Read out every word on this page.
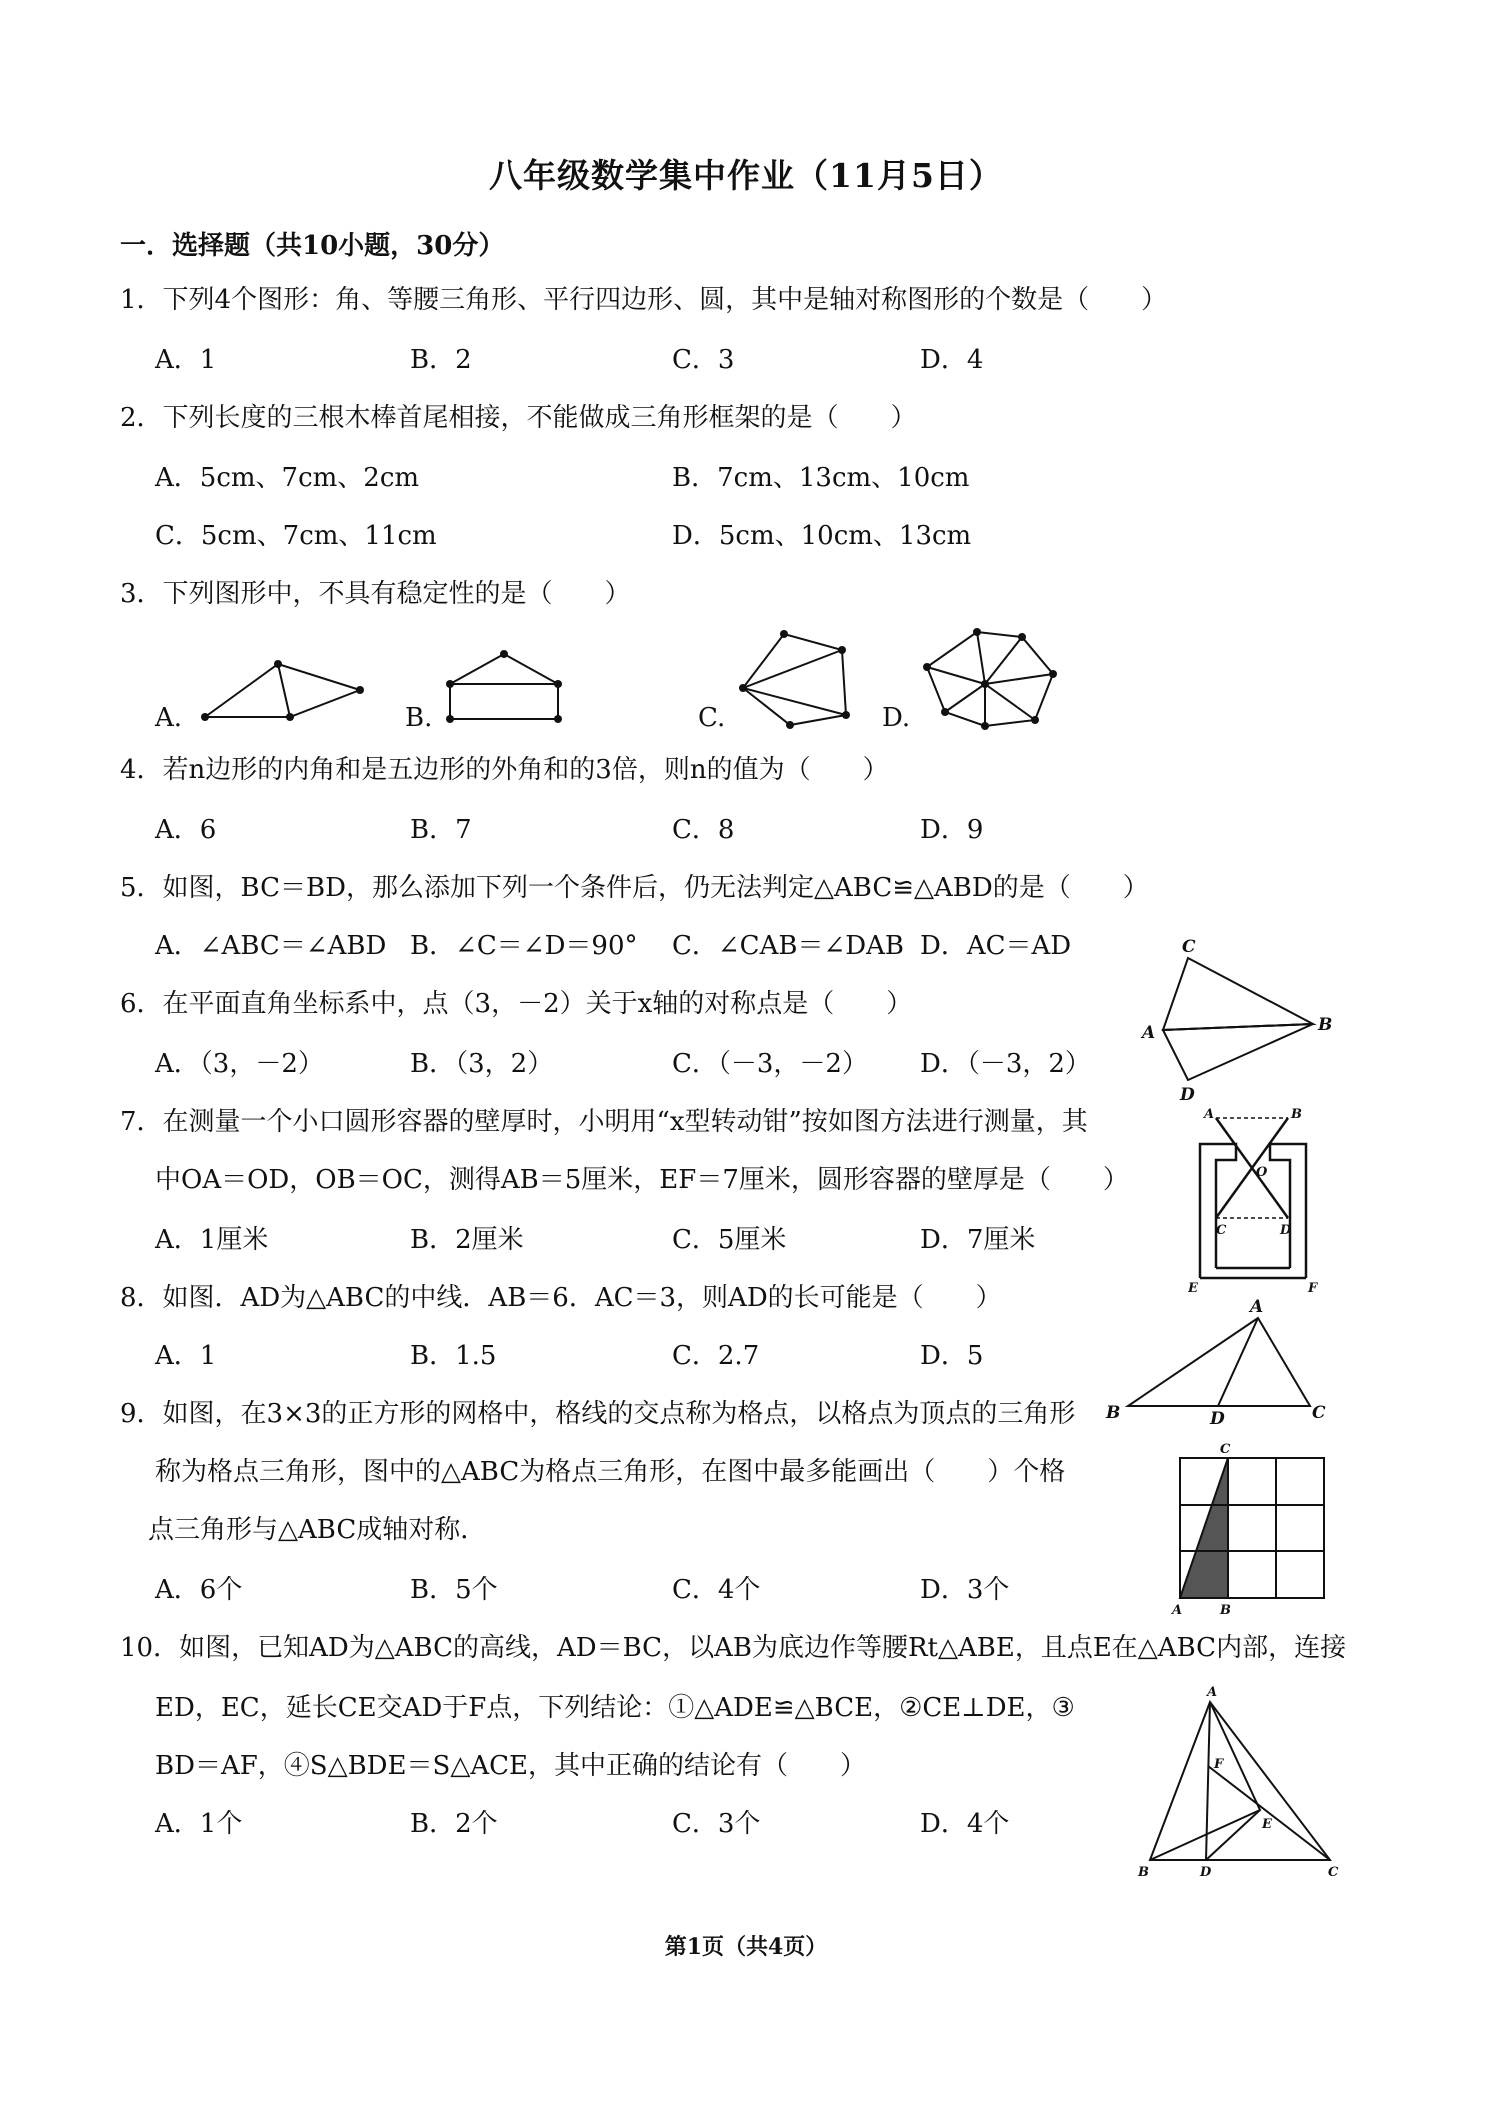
八年级数学集中作业（11月5日）
一．选择题（共10小题，30分）
1．下列4个图形：角、等腰三角形、平行四边形、圆，其中是轴对称图形的个数是（　　）
A．1	B．2	C．3	D．4
2．下列长度的三根木棒首尾相接，不能做成三角形框架的是（　　）
A．5cm、7cm、2cm	B．7cm、13cm、10cm
C．5cm、7cm、11cm	D．5cm、10cm、13cm
3．下列图形中，不具有稳定性的是（　　）
A.	B.	C.	D.
4．若n边形的内角和是五边形的外角和的3倍，则n的值为（　　）
A．6	B．7	C．8	D．9
5．如图，BC＝BD，那么添加下列一个条件后，仍无法判定△ABC≌△ABD的是（　　）
A．∠ABC＝∠ABD B．∠C＝∠D＝90° C．∠CAB＝∠DAB D．AC＝AD	C
A	B
D
6．在平面直角坐标系中，点（3，－2）关于x轴的对称点是（　　）
A．（3，－2）	B．（3，2）	C．（－3，－2） D．（－3，2）
7．在测量一个小口圆形容器的壁厚时，小明用“x型转动钳”按如图方法进行测量，其
中OA＝OD，OB＝OC，测得AB＝5厘米，EF＝7厘米，圆形容器的壁厚是（　　）
A．1厘米	B．2厘米	C．5厘米	D．7厘米
A	B
O
C	D
E	F
8．如图．AD为△ABC的中线．AB＝6．AC＝3，则AD的长可能是（　　）
A．1	B．1.5	C．2.7	D．5
A
B	D	C
9．如图，在3×3的正方形的网格中，格线的交点称为格点，以格点为顶点的三角形
称为格点三角形，图中的△ABC为格点三角形，在图中最多能画出（　　）个格
点三角形与△ABC成轴对称．
A．6个	B．5个	C．4个	D．3个
C
A	B
10．如图，已知AD为△ABC的高线，AD＝BC，以AB为底边作等腰Rt△ABE，且点E在△ABC内部，连接
ED，EC，延长CE交AD于F点，下列结论：①△ADE≌△BCE，②CE⊥DE，③
BD＝AF，④S△BDE＝S△ACE，其中正确的结论有（　　）
A．1个	B．2个	C．3个	D．4个
A
F
E
B	D	C
第1页（共4页）
